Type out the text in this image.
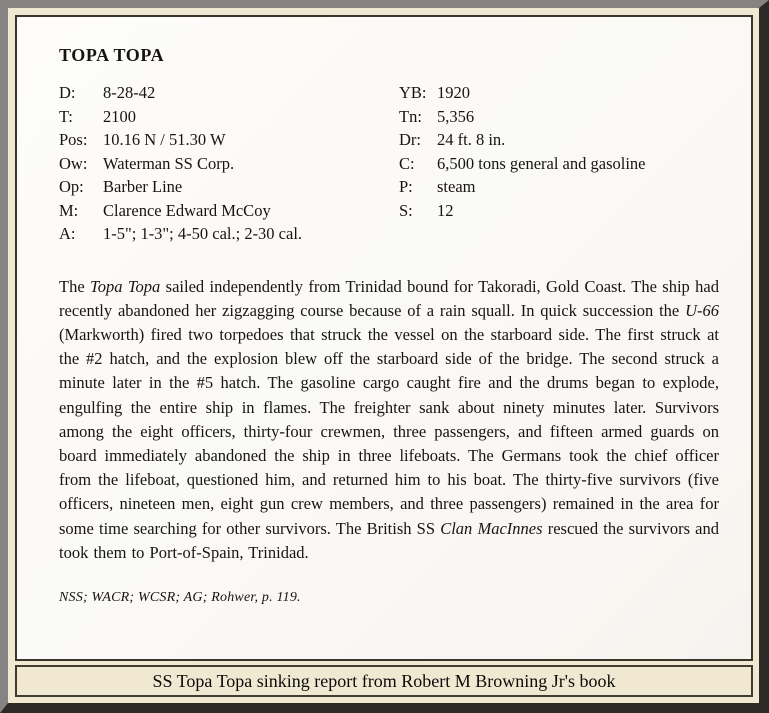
TOPA TOPA
D:	8-28-42
T:	2100
Pos: 10.16 N / 51.30 W
Ow: Waterman SS Corp.
Op:	Barber Line
M:	Clarence Edward McCoy
A:	1-5"; 1-3"; 4-50 cal.; 2-30 cal.
YB: 1920
Tn: 5,356
Dr: 24 ft. 8 in.
C:	6,500 tons general and gasoline
P:	steam
S:	12

The Topa Topa sailed independently from Trinidad bound for Takoradi, Gold Coast. The ship had recently abandoned her zigzagging course because of a rain squall. In quick succession the U-66 (Markworth) fired two torpedoes that struck the vessel on the starboard side. The first struck at the #2 hatch, and the explosion blew off the starboard side of the bridge. The second struck a minute later in the #5 hatch. The gasoline cargo caught fire and the drums began to explode, engulfing the entire ship in flames. The freighter sank about ninety minutes later. Survivors among the eight officers, thirty-four crewmen, three passengers, and fifteen armed guards on board immediately abandoned the ship in three lifeboats. The Germans took the chief officer from the lifeboat, questioned him, and returned him to his boat. The thirty-five survivors (five officers, nineteen men, eight gun crew members, and three passengers) remained in the area for some time searching for other survivors. The British SS Clan MacInnes rescued the survivors and took them to Port-of-Spain, Trinidad.

NSS; WACR; WCSR; AG; Rohwer, p. 119.

SS Topa Topa sinking report from Robert M Browning Jr's book
